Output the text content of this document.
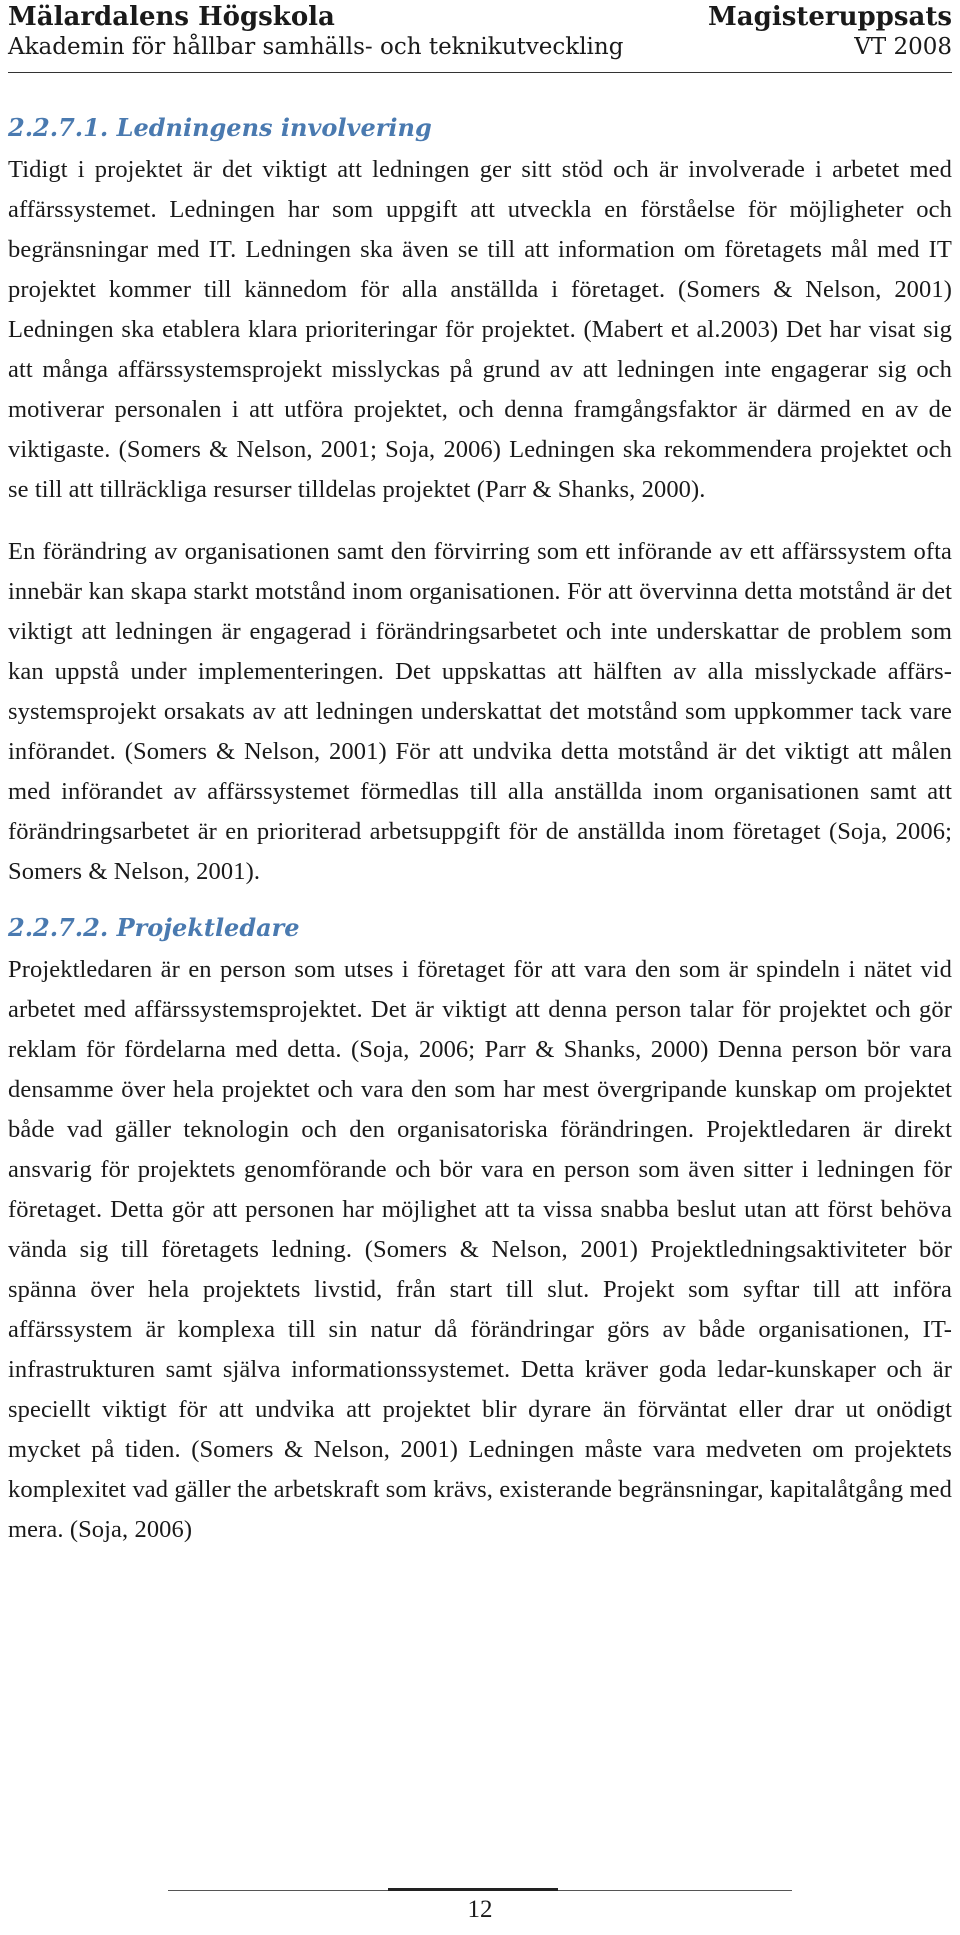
Mälardalens Högskola	Magisteruppsats
Akademin för hållbar samhälls- och teknikutveckling	VT 2008
2.2.7.1. Ledningens involvering

Tidigt i projektet är det viktigt att ledningen ger sitt stöd och är involverade i arbetet med affärssystemet. Ledningen har som uppgift att utveckla en förståelse för möjligheter och begränsningar med IT. Ledningen ska även se till att information om företagets mål med IT projektet kommer till kännedom för alla anställda i företaget. (Somers & Nelson, 2001) Ledningen ska etablera klara prioriteringar för projektet. (Mabert et al.2003) Det har visat sig att många affärssystemsprojekt misslyckas på grund av att ledningen inte engagerar sig och motiverar personalen i att utföra projektet, och denna framgångsfaktor är därmed en av de viktigaste. (Somers & Nelson, 2001; Soja, 2006) Ledningen ska rekommendera projektet och se till att tillräckliga resurser tilldelas projektet (Parr & Shanks, 2000).

En förändring av organisationen samt den förvirring som ett införande av ett affärssystem ofta innebär kan skapa starkt motstånd inom organisationen. För att övervinna detta motstånd är det viktigt att ledningen är engagerad i förändringsarbetet och inte underskattar de problem som kan uppstå under implementeringen. Det uppskattas att hälften av alla misslyckade affärs-systemsprojekt orsakats av att ledningen underskattat det motstånd som uppkommer tack vare införandet. (Somers & Nelson, 2001) För att undvika detta motstånd är det viktigt att målen med införandet av affärssystemet förmedlas till alla anställda inom organisationen samt att förändringsarbetet är en prioriterad arbetsuppgift för de anställda inom företaget (Soja, 2006; Somers & Nelson, 2001).

2.2.7.2. Projektledare

Projektledaren är en person som utses i företaget för att vara den som är spindeln i nätet vid arbetet med affärssystemsprojektet. Det är viktigt att denna person talar för projektet och gör reklam för fördelarna med detta. (Soja, 2006; Parr & Shanks, 2000) Denna person bör vara densamme över hela projektet och vara den som har mest övergripande kunskap om projektet både vad gäller teknologin och den organisatoriska förändringen. Projektledaren är direkt ansvarig för projektets genomförande och bör vara en person som även sitter i ledningen för företaget. Detta gör att personen har möjlighet att ta vissa snabba beslut utan att först behöva vända sig till företagets ledning. (Somers & Nelson, 2001) Projektledningsaktiviteter bör spänna över hela projektets livstid, från start till slut. Projekt som syftar till att införa affärssystem är komplexa till sin natur då förändringar görs av både organisationen, IT-infrastrukturen samt själva informationssystemet. Detta kräver goda ledar-kunskaper och är speciellt viktigt för att undvika att projektet blir dyrare än förväntat eller drar ut onödigt mycket på tiden. (Somers & Nelson, 2001) Ledningen måste vara medveten om projektets komplexitet vad gäller the arbetskraft som krävs, existerande begränsningar, kapitalåtgång med mera. (Soja, 2006)

12
